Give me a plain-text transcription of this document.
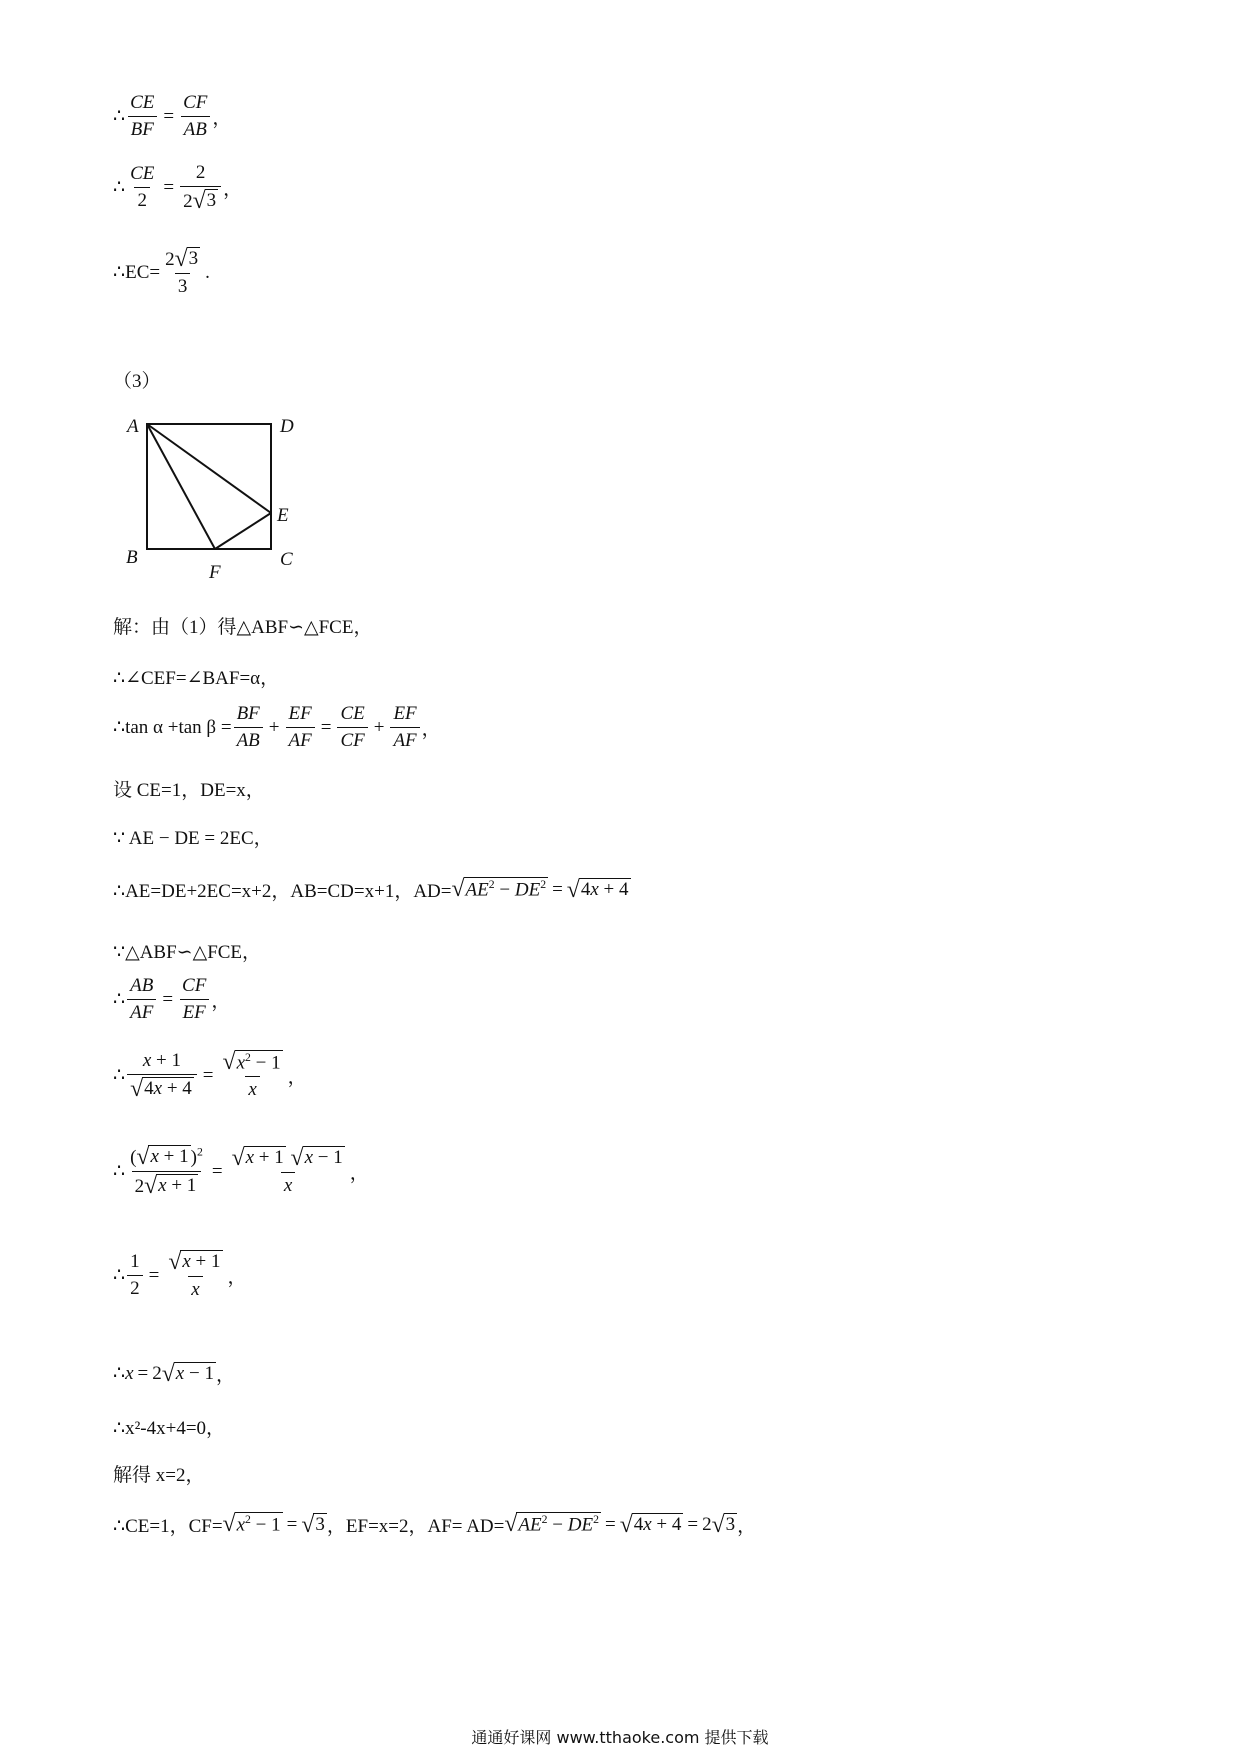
∴ $\frac{CE}{BF} = \frac{CF}{AB}$ ，
∴ $\frac{CE}{2} = \frac{2}{2 √ 3}$ ，
∴EC= $\frac{2 √ 3}{3}$ .
（3）
A	D
E
B	C
F
解：由（1）得△ABF∽△FCE，
∴∠CEF=∠BAF=α，
∴tan α +tan $\beta = \frac{BF}{AB} + \frac{EF}{AF} = \frac{CE}{CF} + \frac{EF}{AF}$ ，
设 CE=1，DE=x，
∵ AE − DE = 2EC，
∴AE=DE+2EC=x+2，AB=CD=x+1，AD= √ $AE^2 - DE^2$ = √ 4x + 4
∵△ABF∽△FCE，
∴ $\frac{AB}{AF} = \frac{CF}{EF}$ ，
∴ $\frac{x + 1}{√ 4x + 4} = \frac{√ x^2 - 1}{x}$ ，
∴ $\frac{( √ x + 1 )^2}{2 √ x + 1}$ = √ x + 1
√ x − 1
x ，
∴ $\frac{1}{2} = \frac{√ x + 1}{x}$ ，
∴ x = 2 √ x − 1 ，
∴x²-4x+4=0，
解得 x=2，
∴CE=1，CF= √ $x^2 - 1$ = √ 3 ，EF=x=2，AF= AD= √ $AE^2 - DE^2$ = √ 4x + 4 = 2 √ 3 ，
通通好课网 www.tthaoke.com 提供下载
